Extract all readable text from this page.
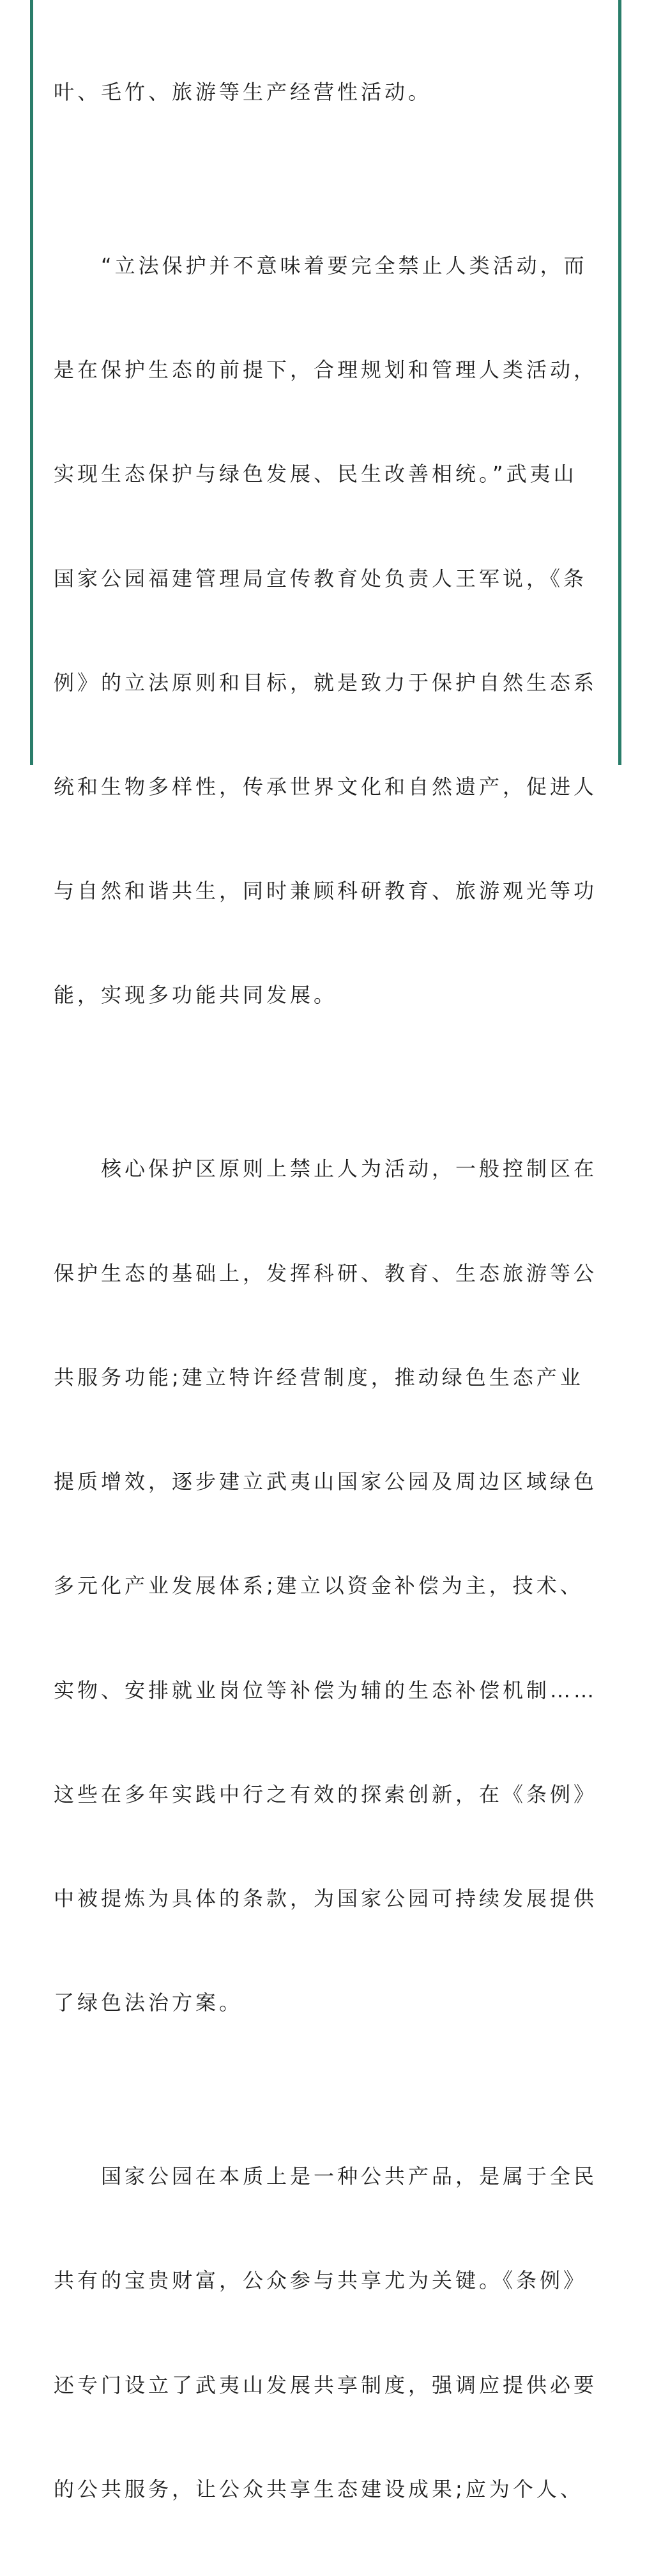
叶、毛竹、旅游等生产经营性活动。

　　“立法保护并不意味着要完全禁止人类活动，而

是在保护生态的前提下，合理规划和管理人类活动，

实现生态保护与绿色发展、民生改善相统。”武夷山

国家公园福建管理局宣传教育处负责人王军说，《条

例》的立法原则和目标，就是致力于保护自然生态系

统和生物多样性，传承世界文化和自然遗产，促进人

与自然和谐共生，同时兼顾科研教育、旅游观光等功

能，实现多功能共同发展。

　　核心保护区原则上禁止人为活动，一般控制区在

保护生态的基础上，发挥科研、教育、生态旅游等公

共服务功能;建立特许经营制度，推动绿色生态产业

提质增效，逐步建立武夷山国家公园及周边区域绿色

多元化产业发展体系;建立以资金补偿为主，技术、

实物、安排就业岗位等补偿为辅的生态补偿机制……

这些在多年实践中行之有效的探索创新，在《条例》

中被提炼为具体的条款，为国家公园可持续发展提供

了绿色法治方案。

　　国家公园在本质上是一种公共产品，是属于全民

共有的宝贵财富，公众参与共享尤为关键。《条例》

还专门设立了武夷山发展共享制度，强调应提供必要

的公共服务，让公众共享生态建设成果;应为个人、
